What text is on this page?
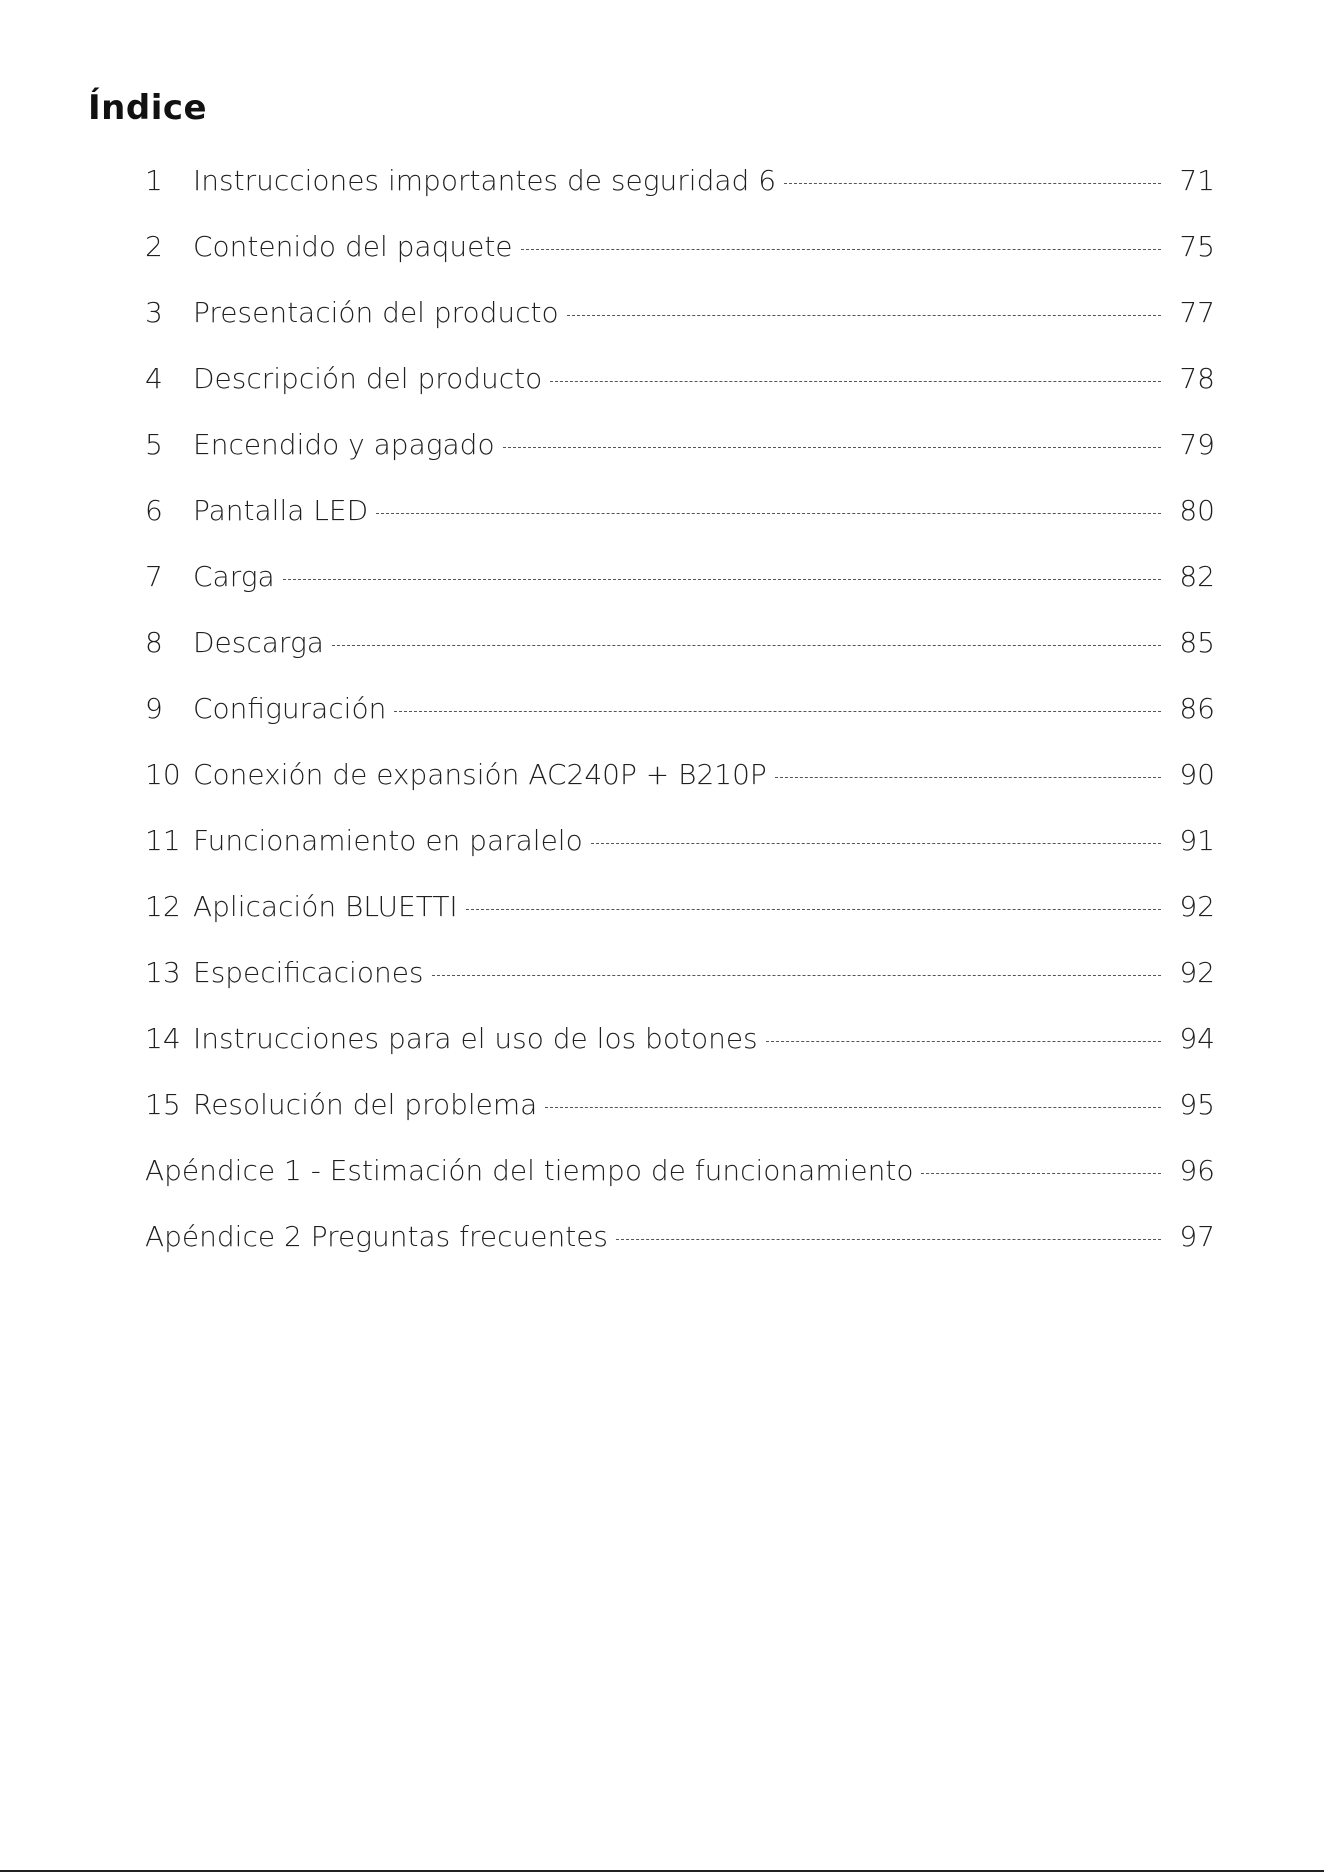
Índice
1	Instrucciones importantes de seguridad 6	71
2	Contenido del paquete	75
3	Presentación del producto	77
4	Descripción del producto	78
5	Encendido y apagado	79
6	Pantalla LED	80
7	Carga	82
8	Descarga	85
9	Configuración	86
10 Conexión de expansión AC240P + B210P	90
11 Funcionamiento en paralelo	91
12 Aplicación BLUETTI	92
13 Especificaciones	92
14 Instrucciones para el uso de los botones	94
15 Resolución del problema	95
Apéndice 1 - Estimación del tiempo de funcionamiento	96
Apéndice 2 Preguntas frecuentes	97
